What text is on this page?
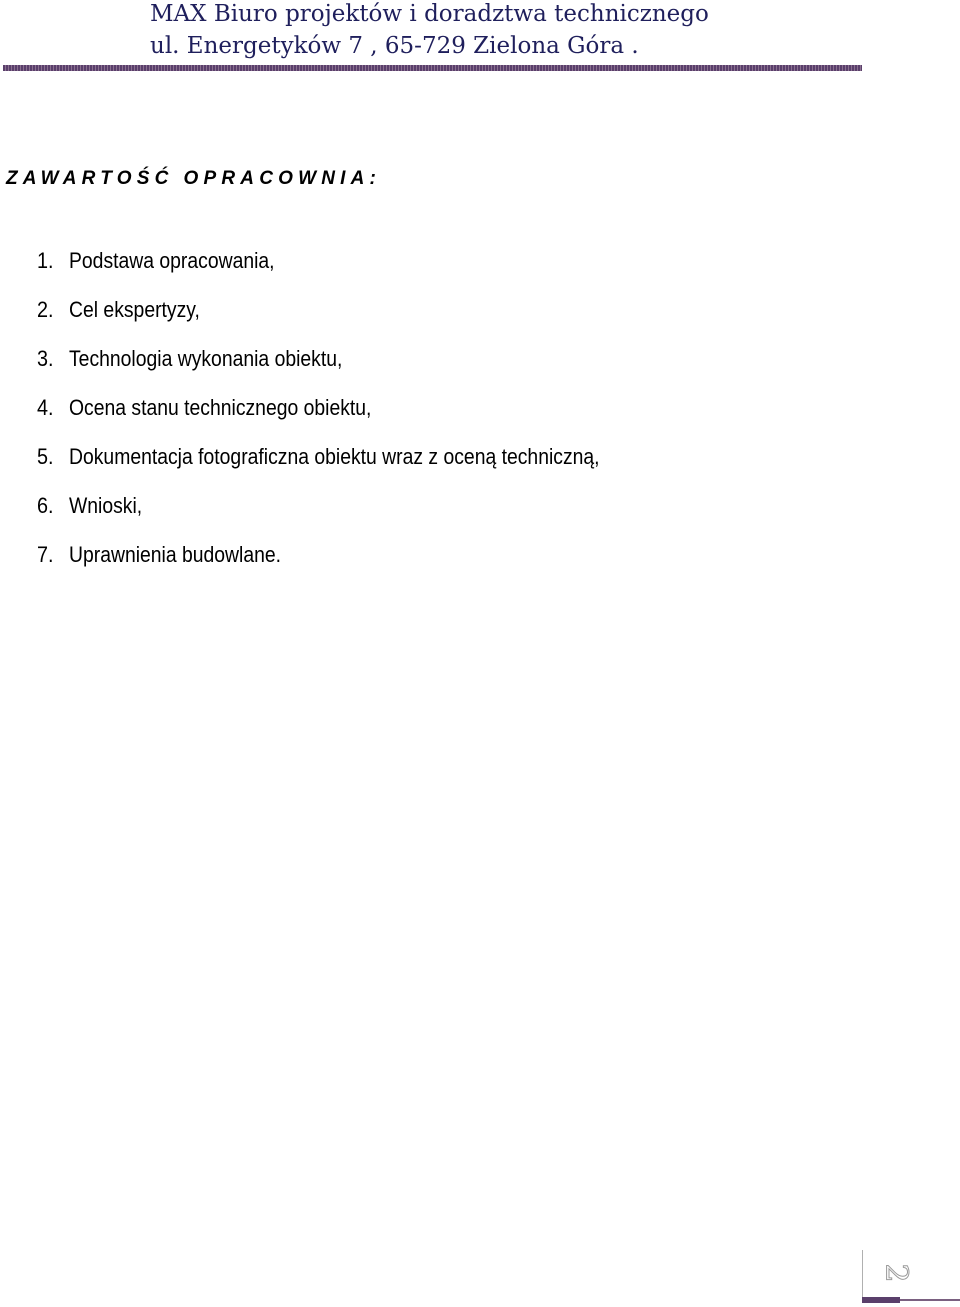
MAX Biuro projektów i doradztwa technicznego
ul. Energetyków 7 , 65-729 Zielona Góra .
ZAWARTOŚĆ OPRACOWNIA:
1. Podstawa opracowania,
2. Cel ekspertyzy,
3. Technologia wykonania obiektu,
4. Ocena stanu technicznego obiektu,
5. Dokumentacja fotograficzna obiektu wraz z oceną techniczną,
6. Wnioski,
7. Uprawnienia budowlane.
2
